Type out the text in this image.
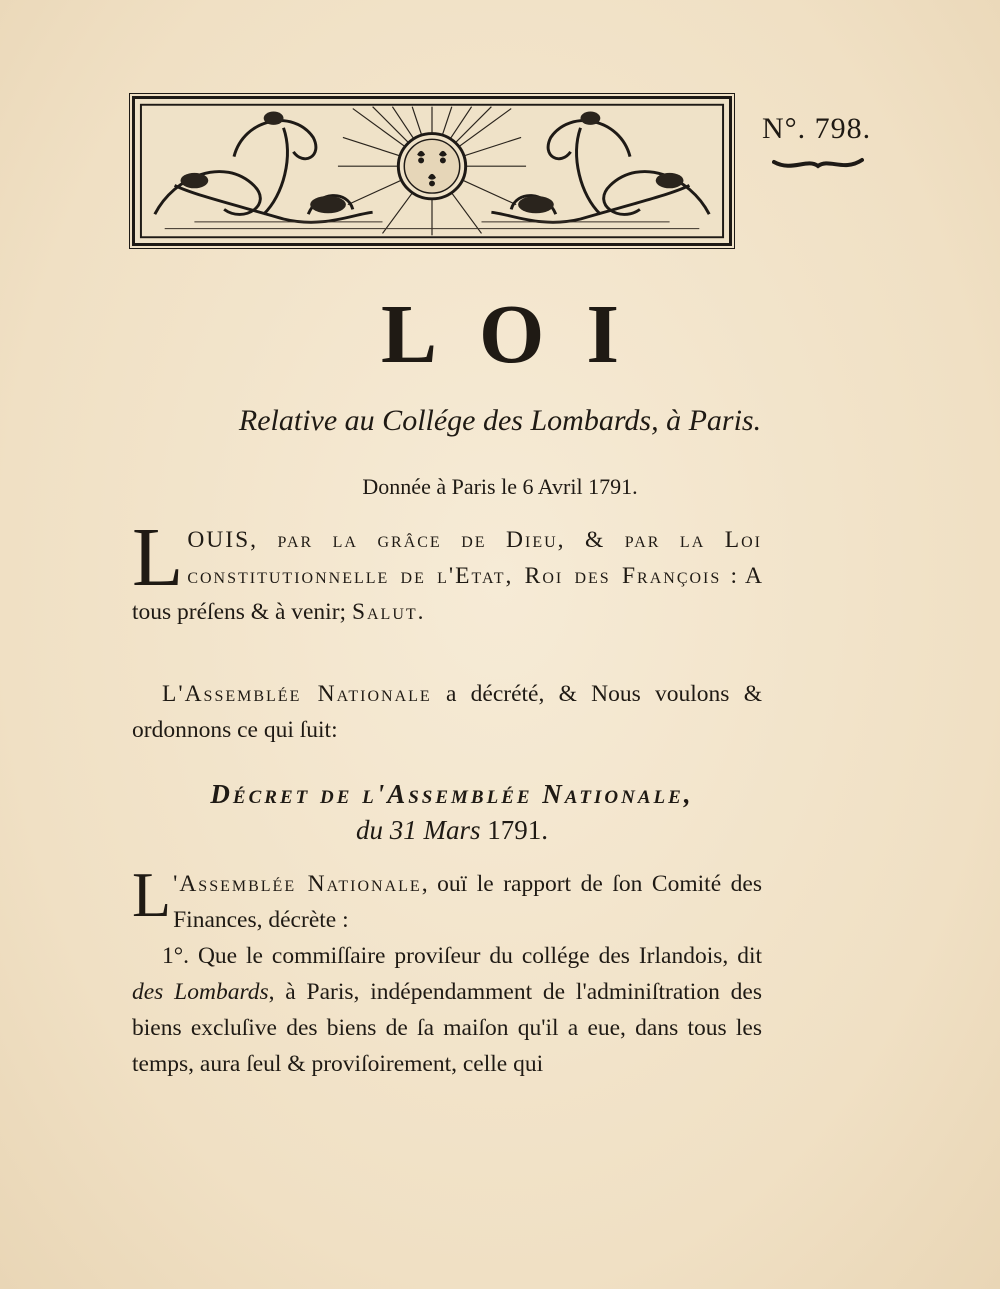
N°. 798.
LOI
Relative au Collége des Lombards, à Paris.
Donnée à Paris le 6 Avril 1791.
LOUIS, par la grâce de Dieu, & par la Loi conſtitutionnelle de l'Etat, Roi des François : A tous préſens & à venir; Salut.
L'Assemblée Nationale a décrété, & Nous voulons & ordonnons ce qui ſuit:
Décret de l'Assemblée Nationale,
du 31 Mars 1791.
L 'Assemblée Nationale, ouï le rapport de ſon Comité des Finances, décrète :
1°. Que le commiſſaire proviſeur du collége des Irlandois, dit des Lombards, à Paris, indépendamment de l'adminiſtration des biens excluſive des biens de ſa maiſon qu'il a eue, dans tous les temps, aura ſeul & proviſoirement, celle qui
